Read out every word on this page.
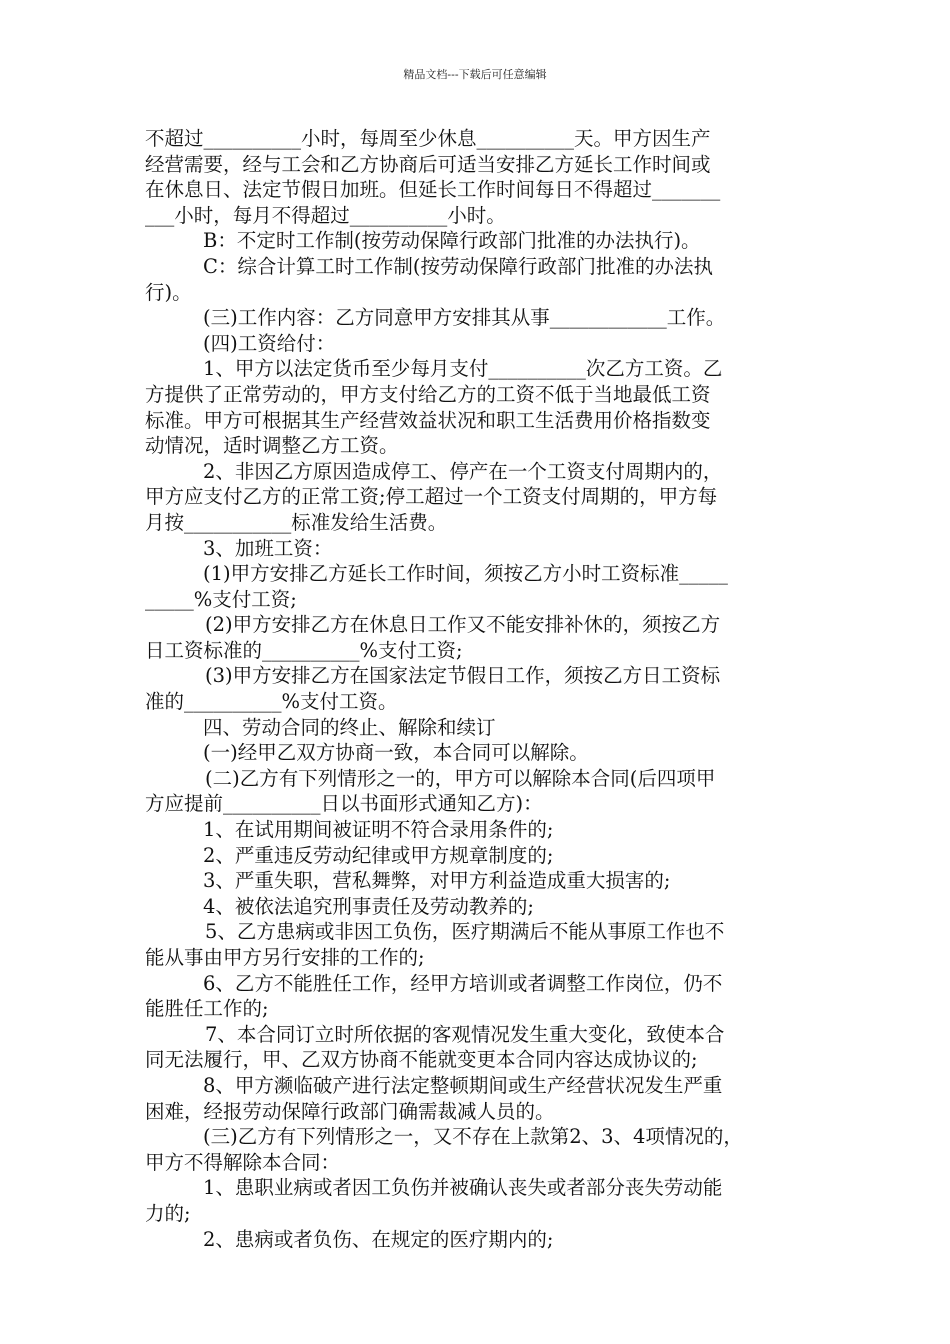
精品文档---下载后可任意编辑
不超过__________小时，每周至少休息__________天。甲方因生产
经营需要，经与工会和乙方协商后可适当安排乙方延长工作时间或
在休息日、法定节假日加班。但延长工作时间每日不得超过_______
___小时，每月不得超过__________小时。
B：不定时工作制(按劳动保障行政部门批准的办法执行)。
C：综合计算工时工作制(按劳动保障行政部门批准的办法执
行)。
(三)工作内容：乙方同意甲方安排其从事____________工作。
(四)工资给付：
1、甲方以法定货币至少每月支付__________次乙方工资。乙
方提供了正常劳动的，甲方支付给乙方的工资不低于当地最低工资
标准。甲方可根据其生产经营效益状况和职工生活费用价格指数变
动情况，适时调整乙方工资。
2、非因乙方原因造成停工、停产在一个工资支付周期内的，
甲方应支付乙方的正常工资;停工超过一个工资支付周期的，甲方每
月按___________标准发给生活费。
3、加班工资：
(1)甲方安排乙方延长工作时间，须按乙方小时工资标准_____
_____%支付工资;
(2)甲方安排乙方在休息日工作又不能安排补休的，须按乙方
日工资标准的__________%支付工资;
(3)甲方安排乙方在国家法定节假日工作，须按乙方日工资标
准的__________%支付工资。
四、劳动合同的终止、解除和续订
(一)经甲乙双方协商一致，本合同可以解除。
(二)乙方有下列情形之一的，甲方可以解除本合同(后四项甲
方应提前__________日以书面形式通知乙方)：
1、在试用期间被证明不符合录用条件的;
2、严重违反劳动纪律或甲方规章制度的;
3、严重失职，营私舞弊，对甲方利益造成重大损害的;
4、被依法追究刑事责任及劳动教养的;
5、乙方患病或非因工负伤，医疗期满后不能从事原工作也不
能从事由甲方另行安排的工作的;
6、乙方不能胜任工作，经甲方培训或者调整工作岗位，仍不
能胜任工作的;
7、本合同订立时所依据的客观情况发生重大变化，致使本合
同无法履行，甲、乙双方协商不能就变更本合同内容达成协议的;
8、甲方濒临破产进行法定整顿期间或生产经营状况发生严重
困难，经报劳动保障行政部门确需裁减人员的。
(三)乙方有下列情形之一，又不存在上款第2、3、4项情况的，
甲方不得解除本合同：
1、患职业病或者因工负伤并被确认丧失或者部分丧失劳动能
力的;
2、患病或者负伤、在规定的医疗期内的;
